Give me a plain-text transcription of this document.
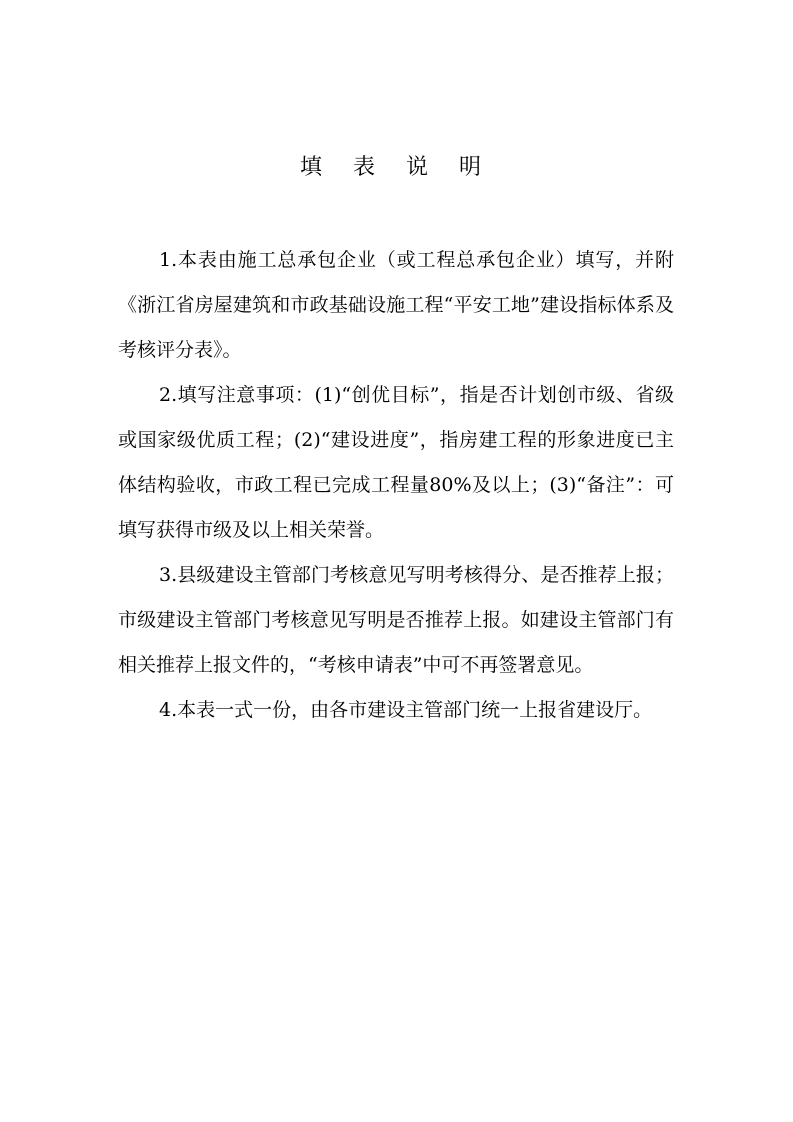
填 表 说 明

1.本表由施工总承包企业（或工程总承包企业）填写，并附《浙江省房屋建筑和市政基础设施工程“平安工地”建设指标体系及考核评分表》。

2.填写注意事项：(1)“创优目标”，指是否计划创市级、省级或国家级优质工程；(2)“建设进度”，指房建工程的形象进度已主体结构验收，市政工程已完成工程量80%及以上；(3)“备注”：可填写获得市级及以上相关荣誉。

3.县级建设主管部门考核意见写明考核得分、是否推荐上报；市级建设主管部门考核意见写明是否推荐上报。如建设主管部门有相关推荐上报文件的，“考核申请表”中可不再签署意见。

4.本表一式一份，由各市建设主管部门统一上报省建设厅。
